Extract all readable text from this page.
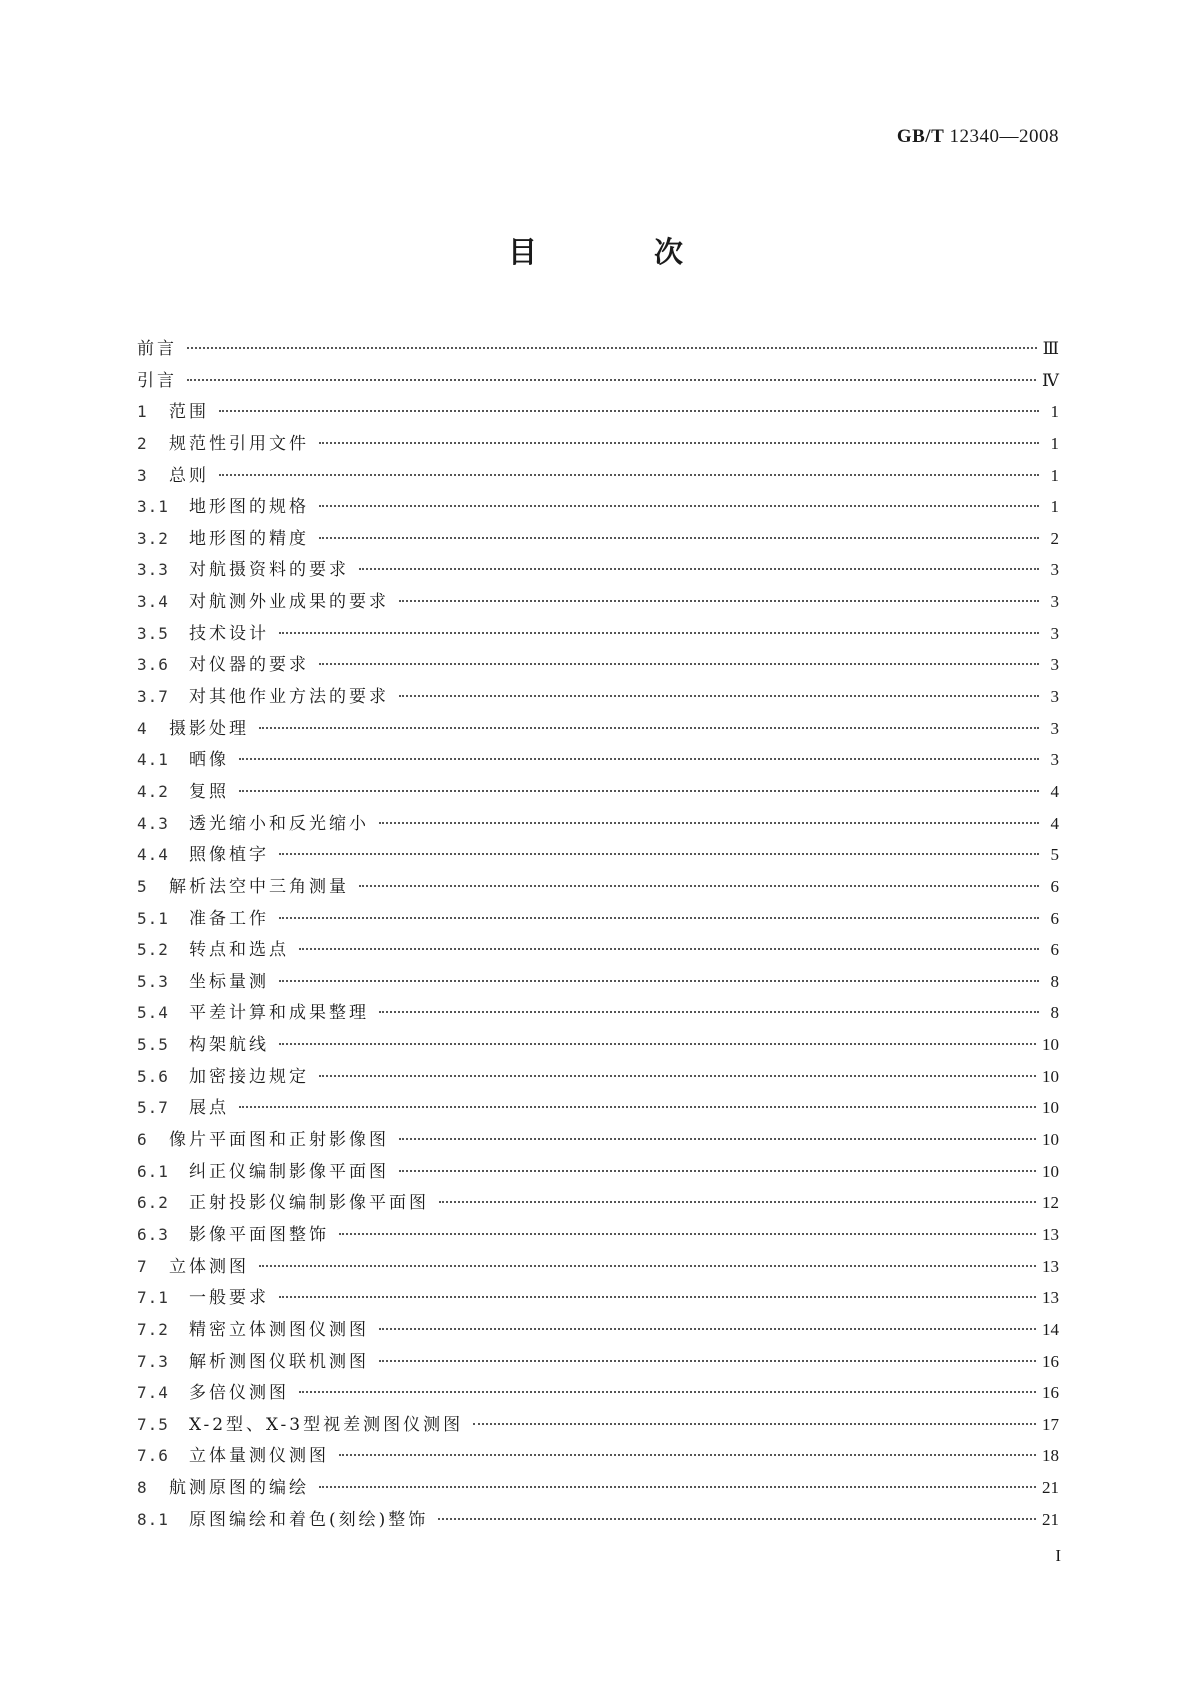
GB/T 12340—2008
目　次
前言	Ⅲ
引言	Ⅳ
1	范围	1
2	规范性引用文件	1
3	总则	1
3.1	地形图的规格	1
3.2	地形图的精度	2
3.3	对航摄资料的要求	3
3.4	对航测外业成果的要求	3
3.5	技术设计	3
3.6	对仪器的要求	3
3.7	对其他作业方法的要求	3
4	摄影处理	3
4.1	晒像	3
4.2	复照	4
4.3	透光缩小和反光缩小	4
4.4	照像植字	5
5	解析法空中三角测量	6
5.1	准备工作	6
5.2	转点和选点	6
5.3	坐标量测	8
5.4	平差计算和成果整理	8
5.5	构架航线	10
5.6	加密接边规定	10
5.7	展点	10
6	像片平面图和正射影像图	10
6.1	纠正仪编制影像平面图	10
6.2	正射投影仪编制影像平面图	12
6.3	影像平面图整饰	13
7	立体测图	13
7.1	一般要求	13
7.2	精密立体测图仪测图	14
7.3	解析测图仪联机测图	16
7.4	多倍仪测图	16
7.5	X-2型、X-3型视差测图仪测图	17
7.6	立体量测仪测图	18
8	航测原图的编绘	21
8.1	原图编绘和着色(刻绘)整饰	21
I
